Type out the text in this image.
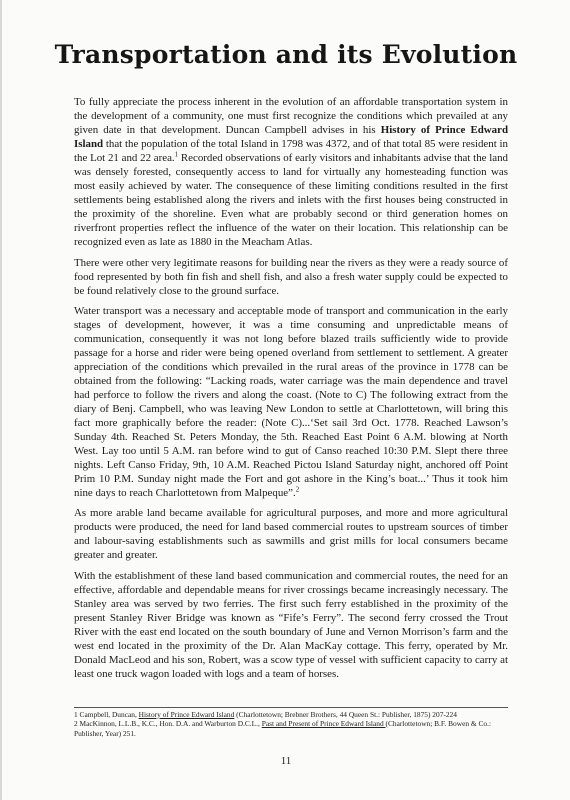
Transportation and its Evolution

To fully appreciate the process inherent in the evolution of an affordable transportation system in the development of a community, one must first recognize the conditions which prevailed at any given date in that development. Duncan Campbell advises in his History of Prince Edward Island that the population of the total Island in 1798 was 4372, and of that total 85 were resident in the Lot 21 and 22 area.$^1$ Recorded observations of early visitors and inhabitants advise that the land was densely forested, consequently access to land for virtually any homesteading function was most easily achieved by water. The consequence of these limiting conditions resulted in the first settlements being established along the rivers and inlets with the first houses being constructed in the proximity of the shoreline. Even what are probably second or third generation homes on riverfront properties reflect the influence of the water on their location. This relationship can be recognized even as late as 1880 in the Meacham Atlas.

There were other very legitimate reasons for building near the rivers as they were a ready source of food represented by both fin fish and shell fish, and also a fresh water supply could be expected to be found relatively close to the ground surface.

Water transport was a necessary and acceptable mode of transport and communication in the early stages of development, however, it was a time consuming and unpredictable means of communication, consequently it was not long before blazed trails sufficiently wide to provide passage for a horse and rider were being opened overland from settlement to settlement. A greater appreciation of the conditions which prevailed in the rural areas of the province in 1778 can be obtained from the following: “Lacking roads, water carriage was the main dependence and travel had perforce to follow the rivers and along the coast. (Note to C) The following extract from the diary of Benj. Campbell, who was leaving New London to settle at Charlottetown, will bring this fact more graphically before the reader: (Note C)...‘Set sail 3rd Oct. 1778. Reached Lawson’s Sunday 4th. Reached St. Peters Monday, the 5th. Reached East Point 6 A.M. blowing at North West. Lay too until 5 A.M. ran before wind to gut of Canso reached 10:30 P.M. Slept there three nights. Left Canso Friday, 9th, 10 A.M. Reached Pictou Island Saturday night, anchored off Point Prim 10 P.M. Sunday night made the Fort and got ashore in the King’s boat...’ Thus it took him nine days to reach Charlottetown from Malpeque”.$^2$

As more arable land became available for agricultural purposes, and more and more agricultural products were produced, the need for land based commercial routes to upstream sources of timber and labour-saving establishments such as sawmills and grist mills for local consumers became greater and greater.

With the establishment of these land based communication and commercial routes, the need for an effective, affordable and dependable means for river crossings became increasingly necessary. The Stanley area was served by two ferries. The first such ferry established in the proximity of the present Stanley River Bridge was known as “Fife’s Ferry”. The second ferry crossed the Trout River with the east end located on the south boundary of June and Vernon Morrison’s farm and the west end located in the proximity of the Dr. Alan MacKay cottage. This ferry, operated by Mr. Donald MacLeod and his son, Robert, was a scow type of vessel with sufficient capacity to carry at least one truck wagon loaded with logs and a team of horses.

1 Campbell, Duncan, History of Prince Edward Island (Charlottetown; Brebner Brothers, 44 Queen St.: Publisher, 1875) 207-224
2 MacKinnon, L.L.B., K.C., Hon. D.A. and Warburton D.C.L., Past and Present of Prince Edward Island (Charlottetown; B.F. Bowen & Co.: Publisher, Year) 251.
11
